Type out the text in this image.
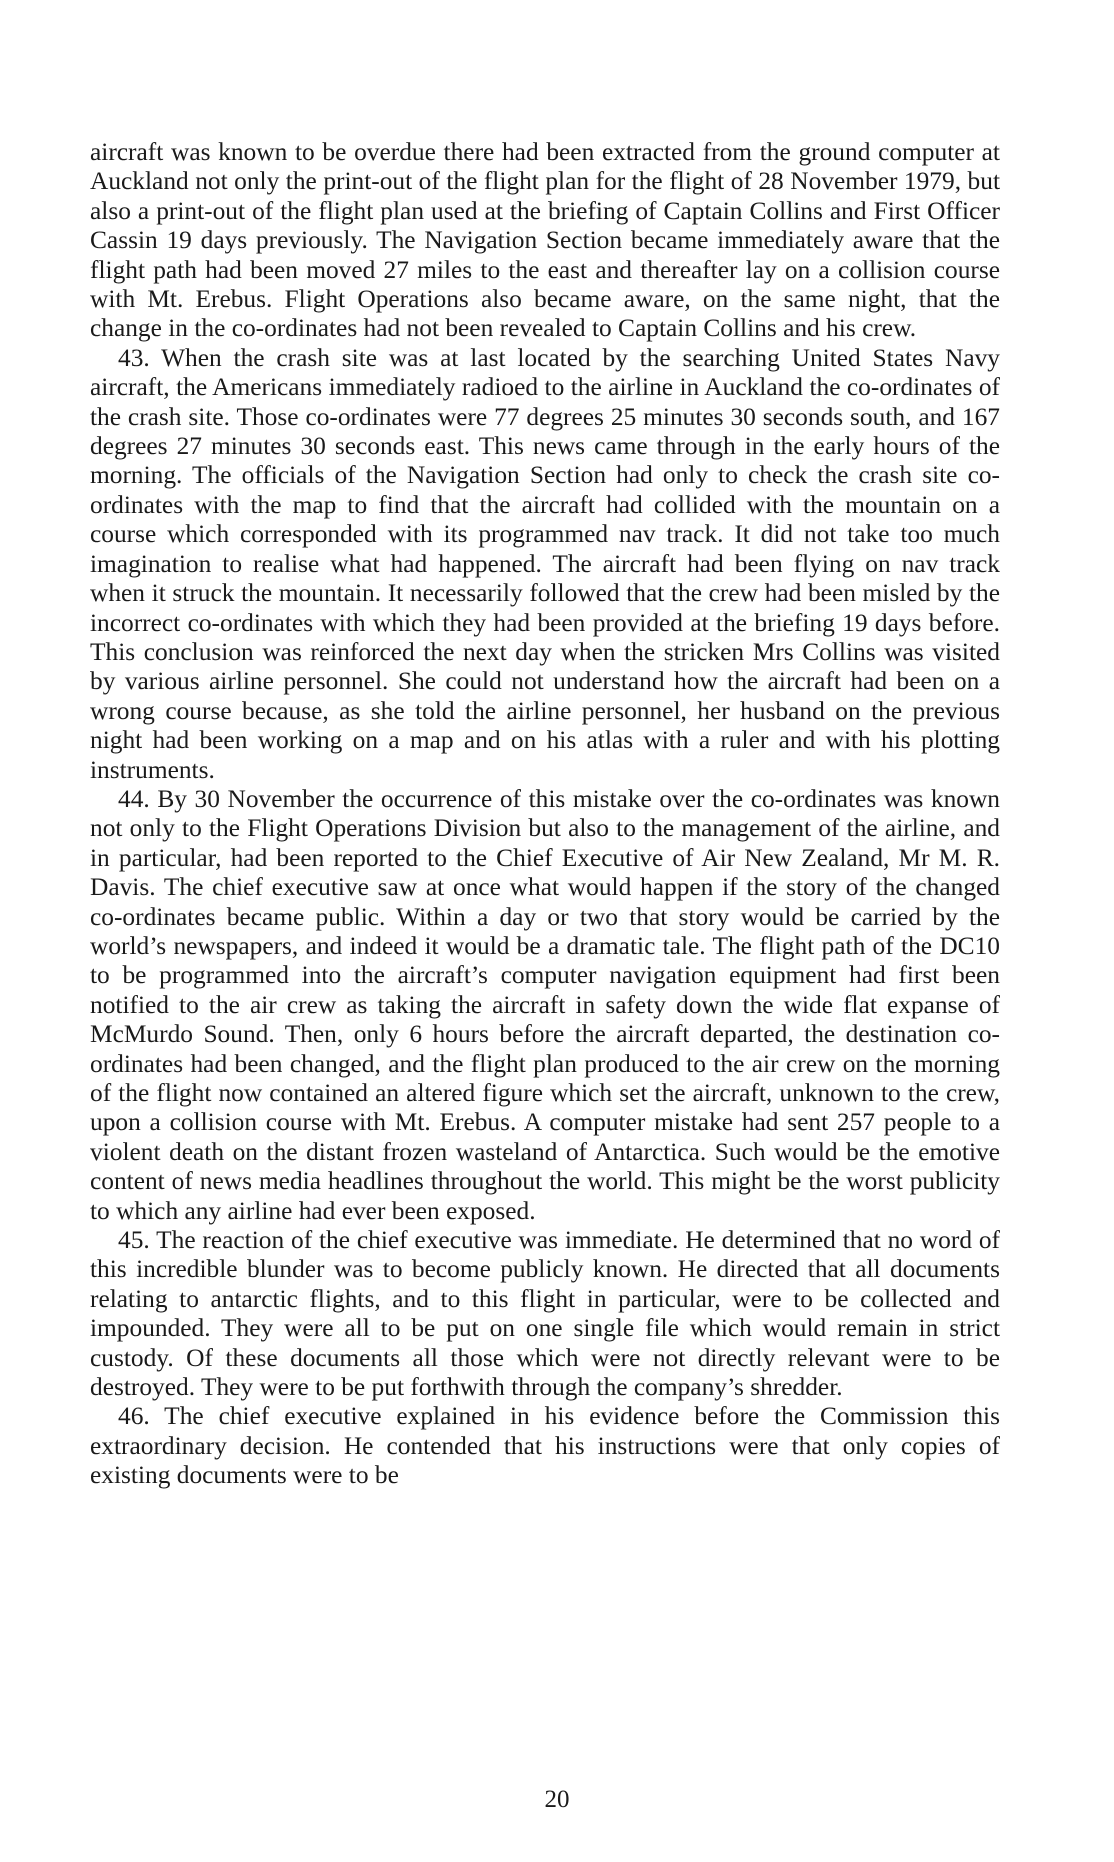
aircraft was known to be overdue there had been extracted from the ground computer at Auckland not only the print-out of the flight plan for the flight of 28 November 1979, but also a print-out of the flight plan used at the briefing of Captain Collins and First Officer Cassin 19 days previously. The Navigation Section became immediately aware that the flight path had been moved 27 miles to the east and thereafter lay on a collision course with Mt. Erebus. Flight Operations also became aware, on the same night, that the change in the co-ordinates had not been revealed to Captain Collins and his crew.

43. When the crash site was at last located by the searching United States Navy aircraft, the Americans immediately radioed to the airline in Auckland the co-ordinates of the crash site. Those co-ordinates were 77 degrees 25 minutes 30 seconds south, and 167 degrees 27 minutes 30 seconds east. This news came through in the early hours of the morning. The officials of the Navigation Section had only to check the crash site co-ordinates with the map to find that the aircraft had collided with the mountain on a course which corresponded with its programmed nav track. It did not take too much imagination to realise what had happened. The aircraft had been flying on nav track when it struck the mountain. It necessarily followed that the crew had been misled by the incorrect co-ordinates with which they had been provided at the briefing 19 days before. This conclusion was reinforced the next day when the stricken Mrs Collins was visited by various airline personnel. She could not understand how the aircraft had been on a wrong course because, as she told the airline personnel, her husband on the previous night had been working on a map and on his atlas with a ruler and with his plotting instruments.

44. By 30 November the occurrence of this mistake over the co-ordinates was known not only to the Flight Operations Division but also to the management of the airline, and in particular, had been reported to the Chief Executive of Air New Zealand, Mr M. R. Davis. The chief executive saw at once what would happen if the story of the changed co-ordinates became public. Within a day or two that story would be carried by the world’s newspapers, and indeed it would be a dramatic tale. The flight path of the DC10 to be programmed into the aircraft’s computer navigation equipment had first been notified to the air crew as taking the aircraft in safety down the wide flat expanse of McMurdo Sound. Then, only 6 hours before the aircraft departed, the destination co-ordinates had been changed, and the flight plan produced to the air crew on the morning of the flight now contained an altered figure which set the aircraft, unknown to the crew, upon a collision course with Mt. Erebus. A computer mistake had sent 257 people to a violent death on the distant frozen wasteland of Antarctica. Such would be the emotive content of news media headlines throughout the world. This might be the worst publicity to which any airline had ever been exposed.

45. The reaction of the chief executive was immediate. He determined that no word of this incredible blunder was to become publicly known. He directed that all documents relating to antarctic flights, and to this flight in particular, were to be collected and impounded. They were all to be put on one single file which would remain in strict custody. Of these documents all those which were not directly relevant were to be destroyed. They were to be put forthwith through the company’s shredder.

46. The chief executive explained in his evidence before the Commission this extraordinary decision. He contended that his instructions were that only copies of existing documents were to be

20
